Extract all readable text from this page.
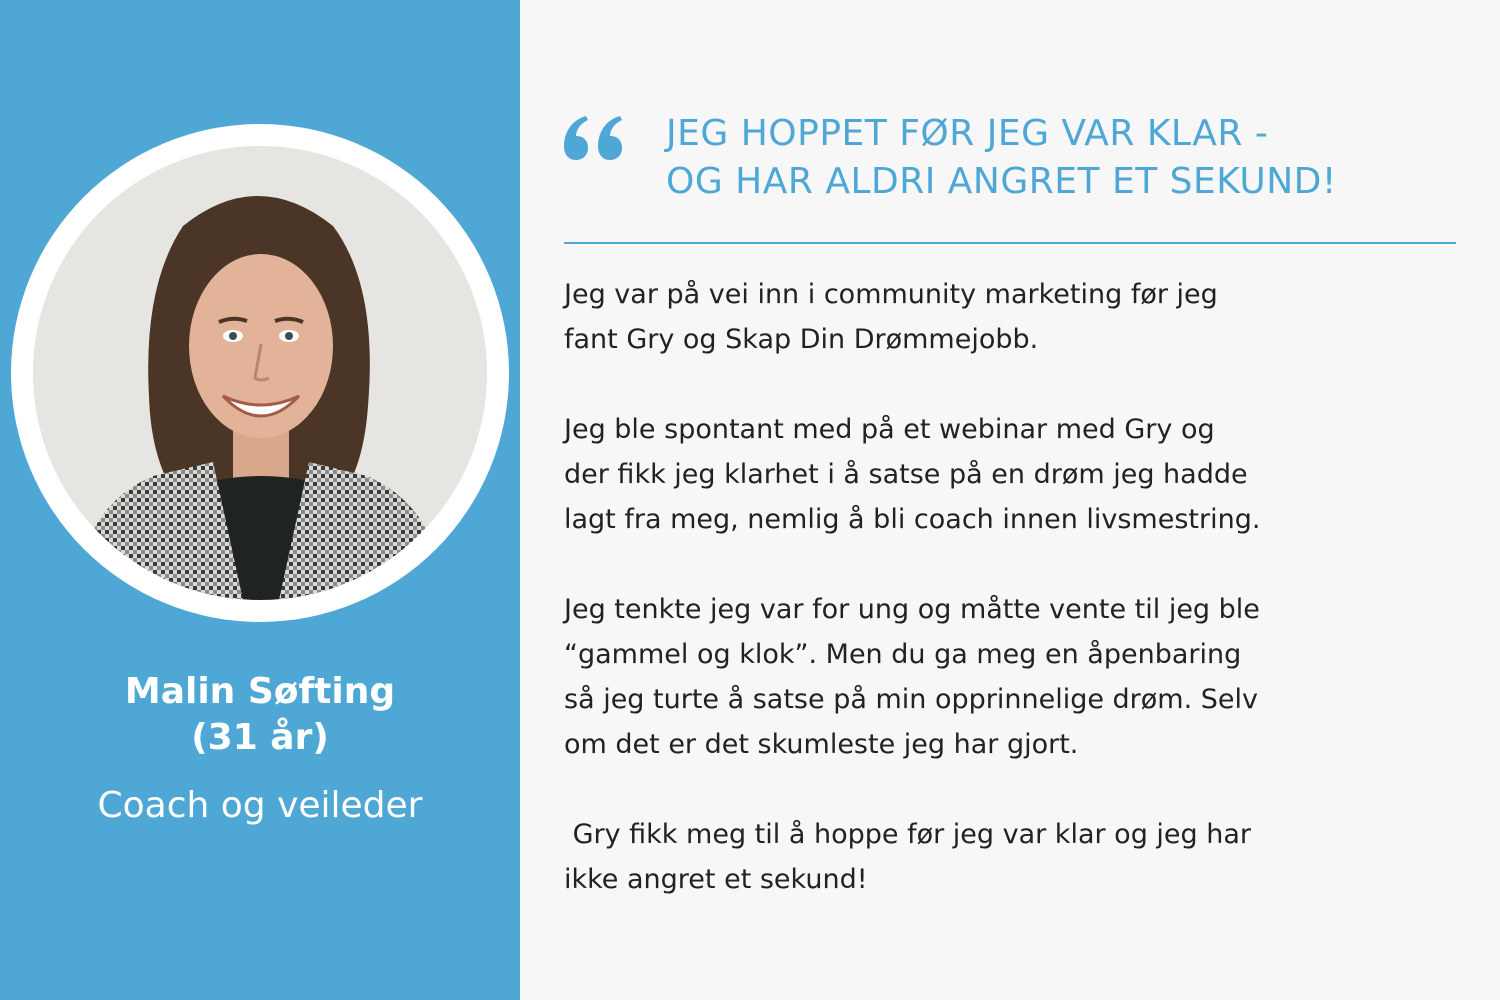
Malin Søfting
(31 år)
Coach og veileder
JEG HOPPET FØR JEG VAR KLAR -
OG HAR ALDRI ANGRET ET SEKUND!
Jeg var på vei inn i community marketing før jeg
fant Gry og Skap Din Drømmejobb.
Jeg ble spontant med på et webinar med Gry og
der fikk jeg klarhet i å satse på en drøm jeg hadde
lagt fra meg, nemlig å bli coach innen livsmestring.
Jeg tenkte jeg var for ung og måtte vente til jeg ble
“gammel og klok”. Men du ga meg en åpenbaring
så jeg turte å satse på min opprinnelige drøm. Selv
om det er det skumleste jeg har gjort.
Gry fikk meg til å hoppe før jeg var klar og jeg har
ikke angret et sekund!
